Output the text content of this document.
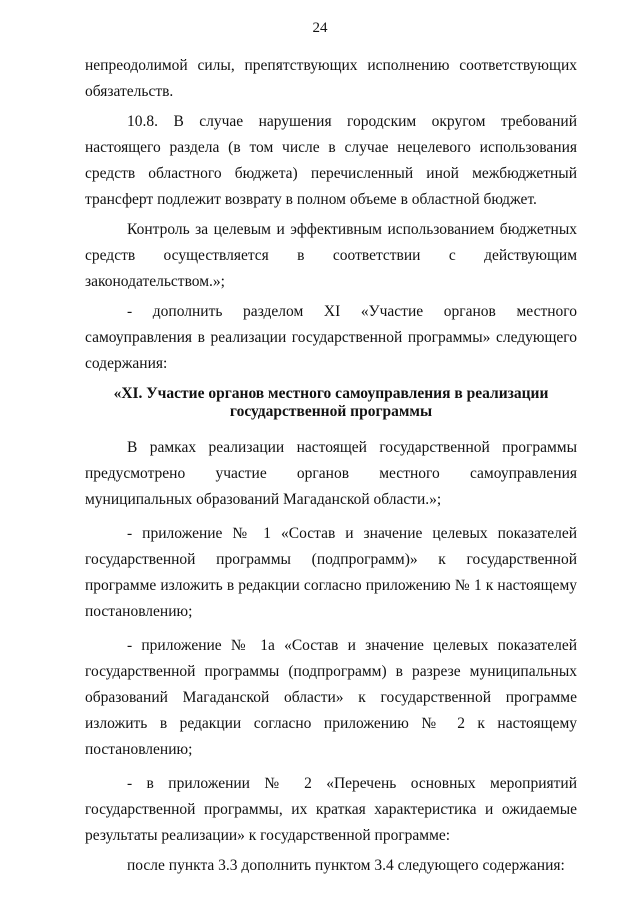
24

непреодолимой силы, препятствующих исполнению соответствующих обязательств.

10.8. В случае нарушения городским округом требований настоящего раздела (в том числе в случае нецелевого использования средств областного бюджета) перечисленный иной межбюджетный трансферт подлежит возврату в полном объеме в областной бюджет.

Контроль за целевым и эффективным использованием бюджетных средств осуществляется в соответствии с действующим законодательством.»;

- дополнить разделом XI «Участие органов местного самоуправления в реализации государственной программы» следующего содержания:

«XI. Участие органов местного самоуправления в реализации
государственной программы

В рамках реализации настоящей государственной программы предусмотрено участие органов местного самоуправления муниципальных образований Магаданской области.»;

- приложение № 1 «Состав и значение целевых показателей государственной программы (подпрограмм)» к государственной программе изложить в редакции согласно приложению № 1 к настоящему постановлению;

- приложение № 1а «Состав и значение целевых показателей государственной программы (подпрограмм) в разрезе муниципальных образований Магаданской области» к государственной программе изложить в редакции согласно приложению № 2 к настоящему постановлению;

- в приложении № 2 «Перечень основных мероприятий государственной программы, их краткая характеристика и ожидаемые результаты реализации» к государственной программе:

после пункта 3.3 дополнить пунктом 3.4 следующего содержания:
